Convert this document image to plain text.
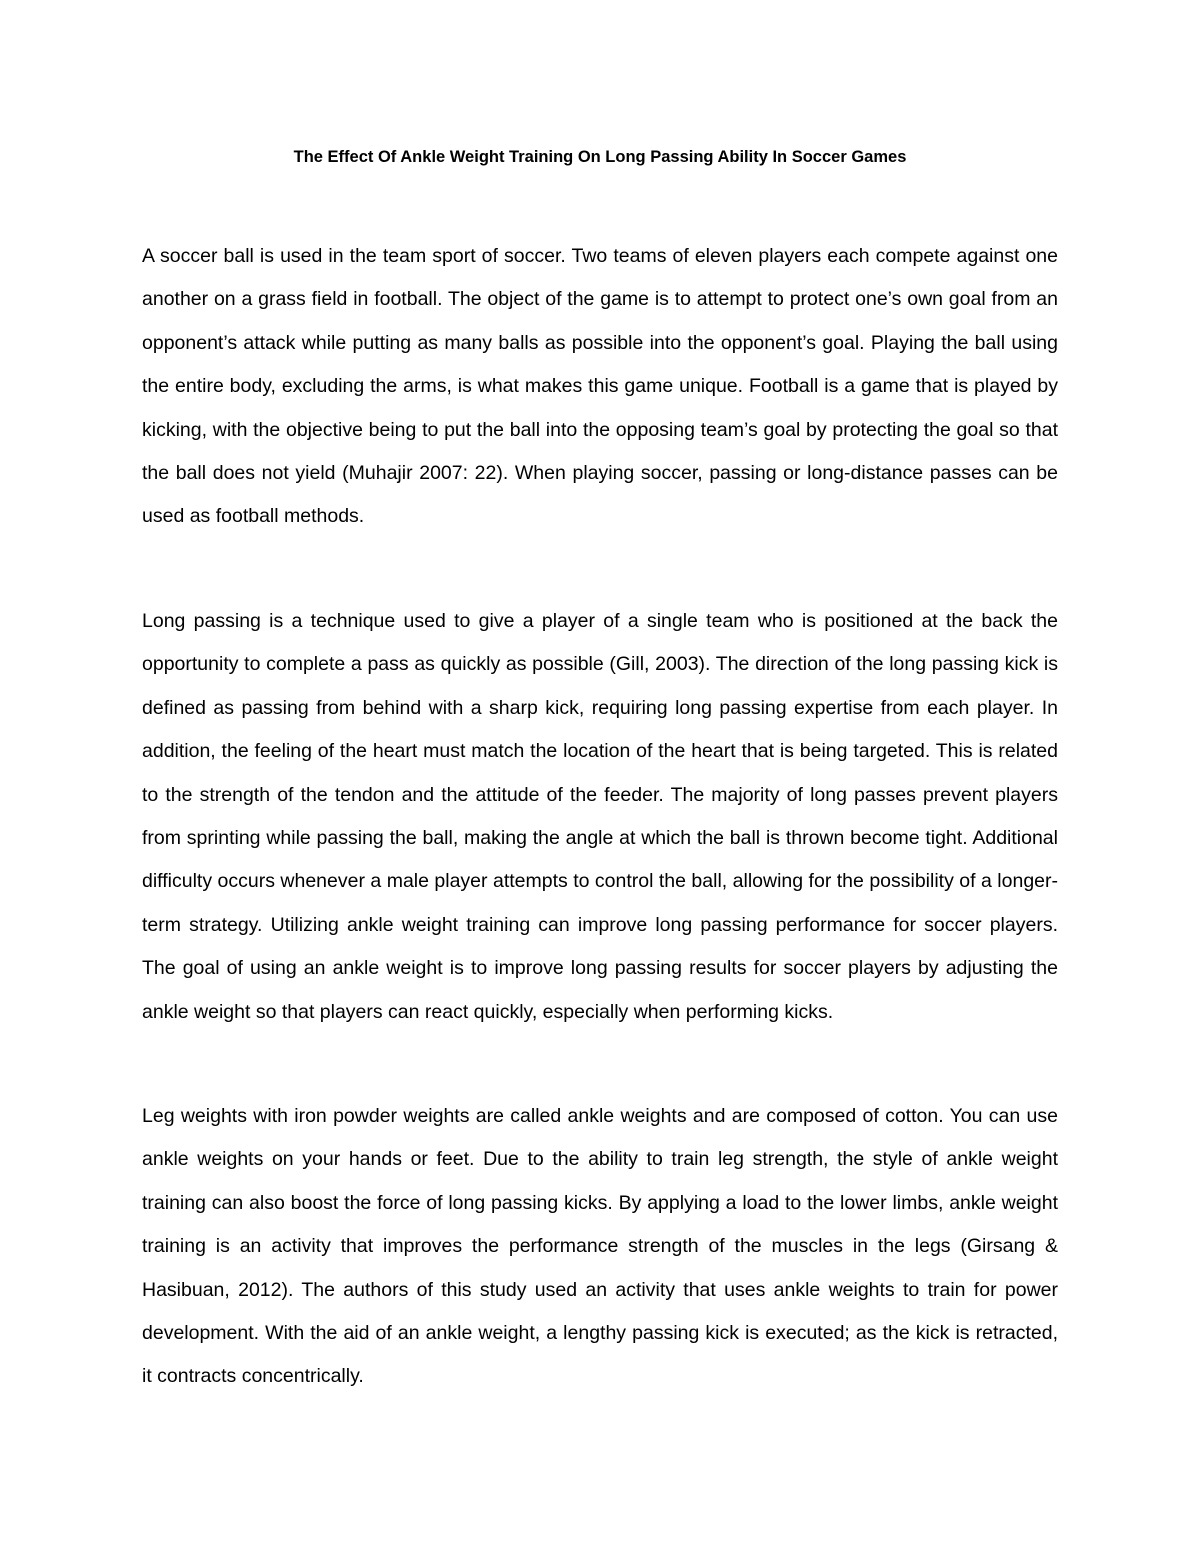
The Effect Of Ankle Weight Training On Long Passing Ability In Soccer Games

A soccer ball is used in the team sport of soccer. Two teams of eleven players each compete against one another on a grass field in football. The object of the game is to attempt to protect one’s own goal from an opponent’s attack while putting as many balls as possible into the opponent’s goal. Playing the ball using the entire body, excluding the arms, is what makes this game unique. Football is a game that is played by kicking, with the objective being to put the ball into the opposing team’s goal by protecting the goal so that the ball does not yield (Muhajir 2007: 22). When playing soccer, passing or long-distance passes can be used as football methods.

Long passing is a technique used to give a player of a single team who is positioned at the back the opportunity to complete a pass as quickly as possible (Gill, 2003). The direction of the long passing kick is defined as passing from behind with a sharp kick, requiring long passing expertise from each player. In addition, the feeling of the heart must match the location of the heart that is being targeted. This is related to the strength of the tendon and the attitude of the feeder. The majority of long passes prevent players from sprinting while passing the ball, making the angle at which the ball is thrown become tight. Additional difficulty occurs whenever a male player attempts to control the ball, allowing for the possibility of a longer-term strategy. Utilizing ankle weight training can improve long passing performance for soccer players. The goal of using an ankle weight is to improve long passing results for soccer players by adjusting the ankle weight so that players can react quickly, especially when performing kicks.

Leg weights with iron powder weights are called ankle weights and are composed of cotton. You can use ankle weights on your hands or feet. Due to the ability to train leg strength, the style of ankle weight training can also boost the force of long passing kicks. By applying a load to the lower limbs, ankle weight training is an activity that improves the performance strength of the muscles in the legs (Girsang & Hasibuan, 2012). The authors of this study used an activity that uses ankle weights to train for power development. With the aid of an ankle weight, a lengthy passing kick is executed; as the kick is retracted, it contracts concentrically.
